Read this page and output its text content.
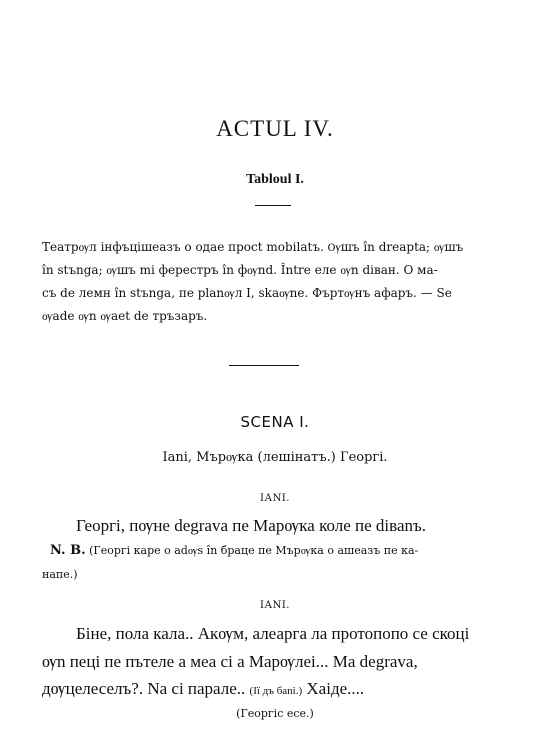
ACTUL IV.
Tabloul I.
Театрѹл інфъцішеазъ о одае просt mobilatъ. Ѹшъ în dreapta; ѹшъ
în stъnga; ѹшъ mі ферестръ în фѹnd. Între еле ѹn dіван. О ма-
съ de лемн în stъnga, пе planѹл I, skaѹne. Фъртѹнъ афаръ. — Se
ѹаdе ѹn ѹaet de тръзаръ.
SCENA I.
Іani, Мърѹка (лешінатъ.) Георгі.
ІАNІ.
Георгі, пѹне degrava пе Марѹка коле пе dіваnъ.
N. B. (Георгі каре о adѹs în брацe пе Мърѹка о ашеазъ пе ка-
напе.)
ІАNІ.
Біне, пола кала.. Акѹм, алеарга ла протопопо се скоцi
ѹn пеці пе пътеле а меа сі а Марѹлеі... Ма degrava,
дѹцелеселъ?. Na сі парале.. (Ії дъ баnі.) Хаіде....
(Георгіс есе.)
